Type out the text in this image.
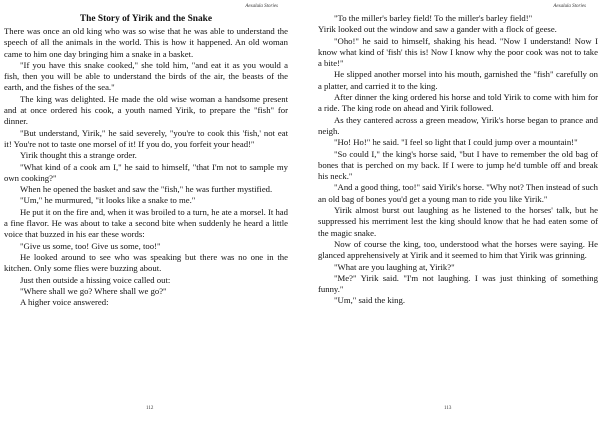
Aesalula Stories
The Story of Yirik and the Snake

There was once an old king who was so wise that he was able to understand the speech of all the animals in the world. This is how it happened. An old woman came to him one day bringing him a snake in a basket.

"If you have this snake cooked," she told him, "and eat it as you would a fish, then you will be able to understand the birds of the air, the beasts of the earth, and the fishes of the sea."

The king was delighted. He made the old wise woman a handsome present and at once ordered his cook, a youth named Yirik, to prepare the "fish" for dinner.

"But understand, Yirik," he said severely, "you're to cook this 'fish,' not eat it! You're not to taste one morsel of it! If you do, you forfeit your head!"

Yirik thought this a strange order.

"What kind of a cook am I," he said to himself, "that I'm not to sample my own cooking?"

When he opened the basket and saw the "fish," he was further mystified.

"Um," he murmured, "it looks like a snake to me."

He put it on the fire and, when it was broiled to a turn, he ate a morsel. It had a fine flavor. He was about to take a second bite when suddenly he heard a little voice that buzzed in his ear these words:

"Give us some, too! Give us some, too!"

He looked around to see who was speaking but there was no one in the kitchen. Only some flies were buzzing about.

Just then outside a hissing voice called out:

"Where shall we go? Where shall we go?"

A higher voice answered:

112
Aesalula Stories

"To the miller's barley field! To the miller's barley field!"

Yirik looked out the window and saw a gander with a flock of geese.

"Oho!" he said to himself, shaking his head. "Now I understand! Now I know what kind of 'fish' this is! Now I know why the poor cook was not to take a bite!"

He slipped another morsel into his mouth, garnished the "fish" carefully on a platter, and carried it to the king.

After dinner the king ordered his horse and told Yirik to come with him for a ride. The king rode on ahead and Yirik followed.

As they cantered across a green meadow, Yirik's horse began to prance and neigh.

"Ho! Ho!" he said. "I feel so light that I could jump over a mountain!"

"So could I," the king's horse said, "but I have to remember the old bag of bones that is perched on my back. If I were to jump he'd tumble off and break his neck."

"And a good thing, too!" said Yirik's horse. "Why not? Then instead of such an old bag of bones you'd get a young man to ride you like Yirik."

Yirik almost burst out laughing as he listened to the horses' talk, but he suppressed his merriment lest the king should know that he had eaten some of the magic snake.

Now of course the king, too, understood what the horses were saying. He glanced apprehensively at Yirik and it seemed to him that Yirik was grinning.

"What are you laughing at, Yirik?"

"Me?" Yirik said. "I'm not laughing. I was just thinking of something funny."

"Um," said the king.

113
